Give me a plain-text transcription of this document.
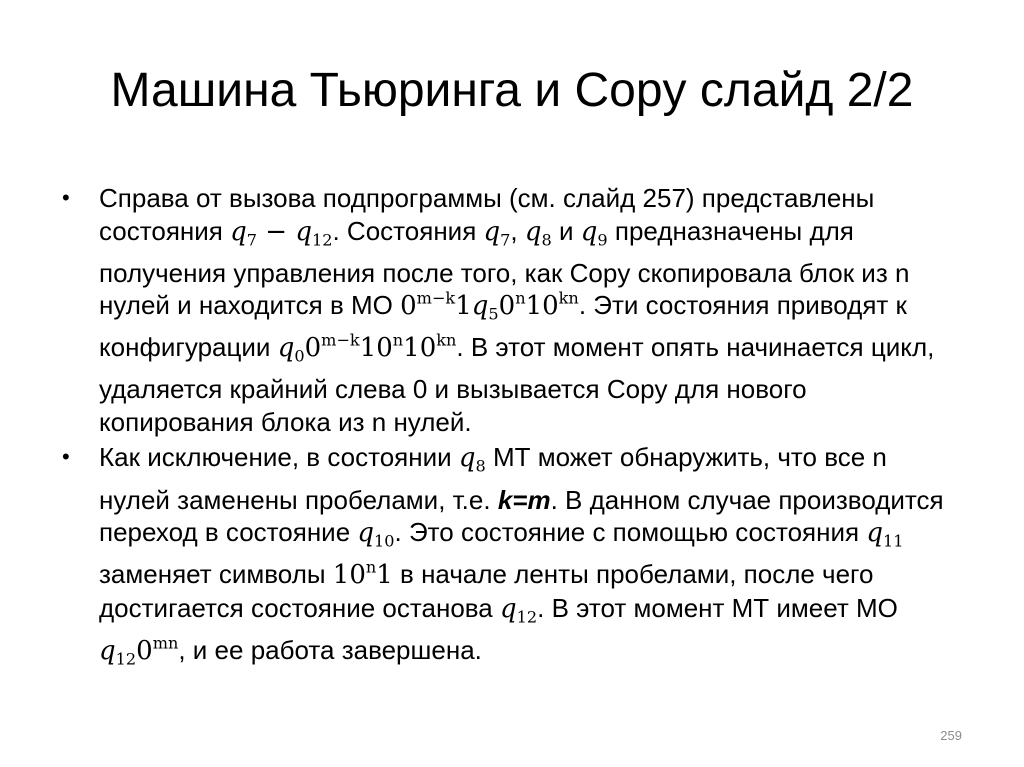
Машина Тьюринга и Copy слайд 2/2
• Справа от вызова подпрограммы (см. слайд 257) представлены состояния $q_7 - q_{12}$. Состояния $q_7$, $q_8$ и $q_9$ предназначены для получения управления после того, как Copy скопировала блок из n нулей и находится в МО $0^{m-k}1q_50^n10^{kn}$. Эти состояния приводят к конфигурации $q_00^{m-k}10^n10^{kn}$. В этот момент опять начинается цикл, удаляется крайний слева 0 и вызывается Copy для нового копирования блока из n нулей.
• Как исключение, в состоянии $q_8$ МТ может обнаружить, что все n нулей заменены пробелами, т.е. k=m. В данном случае производится переход в состояние $q_{10}$. Это состояние с помощью состояния $q_{11}$ заменяет символы 10$^n$1 в начале ленты пробелами, после чего достигается состояние останова $q_{12}$. В этот момент МТ имеет МО $q_{12}0^{mn}$, и ее работа завершена.
259
